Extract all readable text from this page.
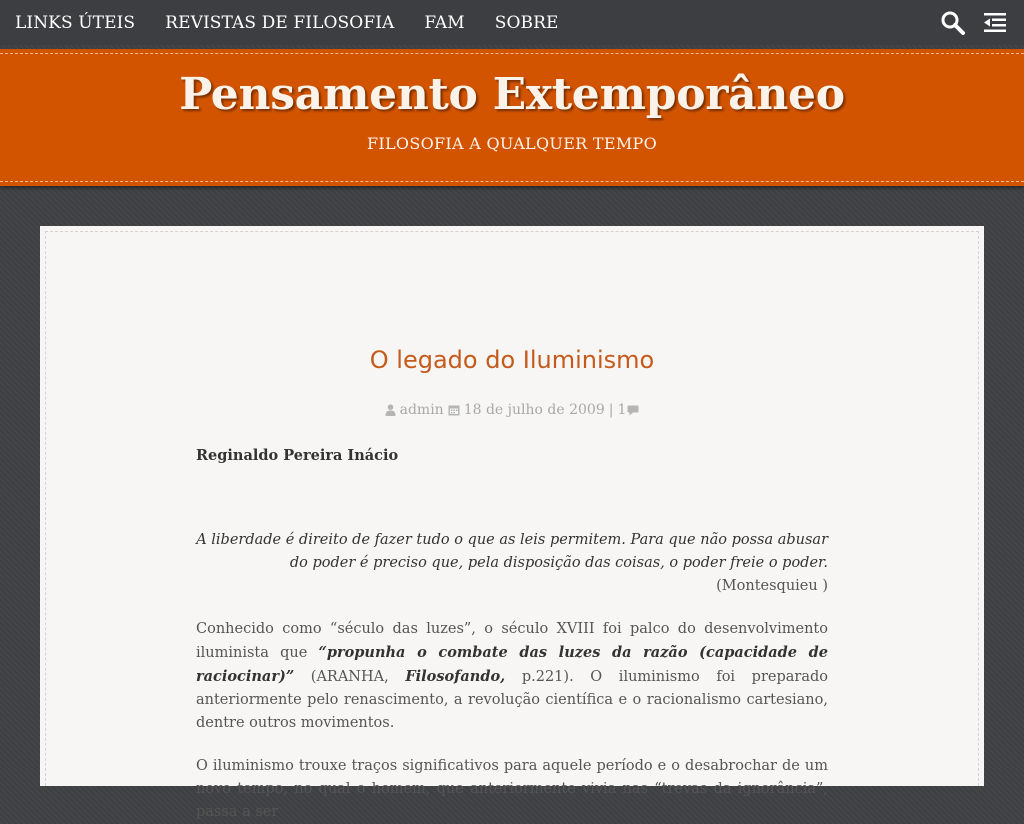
LINKS ÚTEIS REVISTAS DE FILOSOFIA FAM SOBRE
Pensamento Extemporâneo
FILOSOFIA A QUALQUER TEMPO
O legado do Iluminismo
admin 18 de julho de 2009 | 1

Reginaldo Pereira Inácio

A liberdade é direito de fazer tudo o que as leis permitem. Para que não possa abusar
do poder é preciso que, pela disposição das coisas, o poder freie o poder.
(Montesquieu )

Conhecido como “século das luzes”, o século XVIII foi palco do desenvolvimento iluminista que “propunha o combate das luzes da razão (capacidade de raciocinar)” (ARANHA, Filosofando, p.221). O iluminismo foi preparado anteriormente pelo renascimento, a revolução científica e o racionalismo cartesiano, dentre outros movimentos.

O iluminismo trouxe traços significativos para aquele período e o desabrochar de um novo tempo, no qual o homem, que anteriormente vivia nas “trevas da ignorância”, passa a ser
